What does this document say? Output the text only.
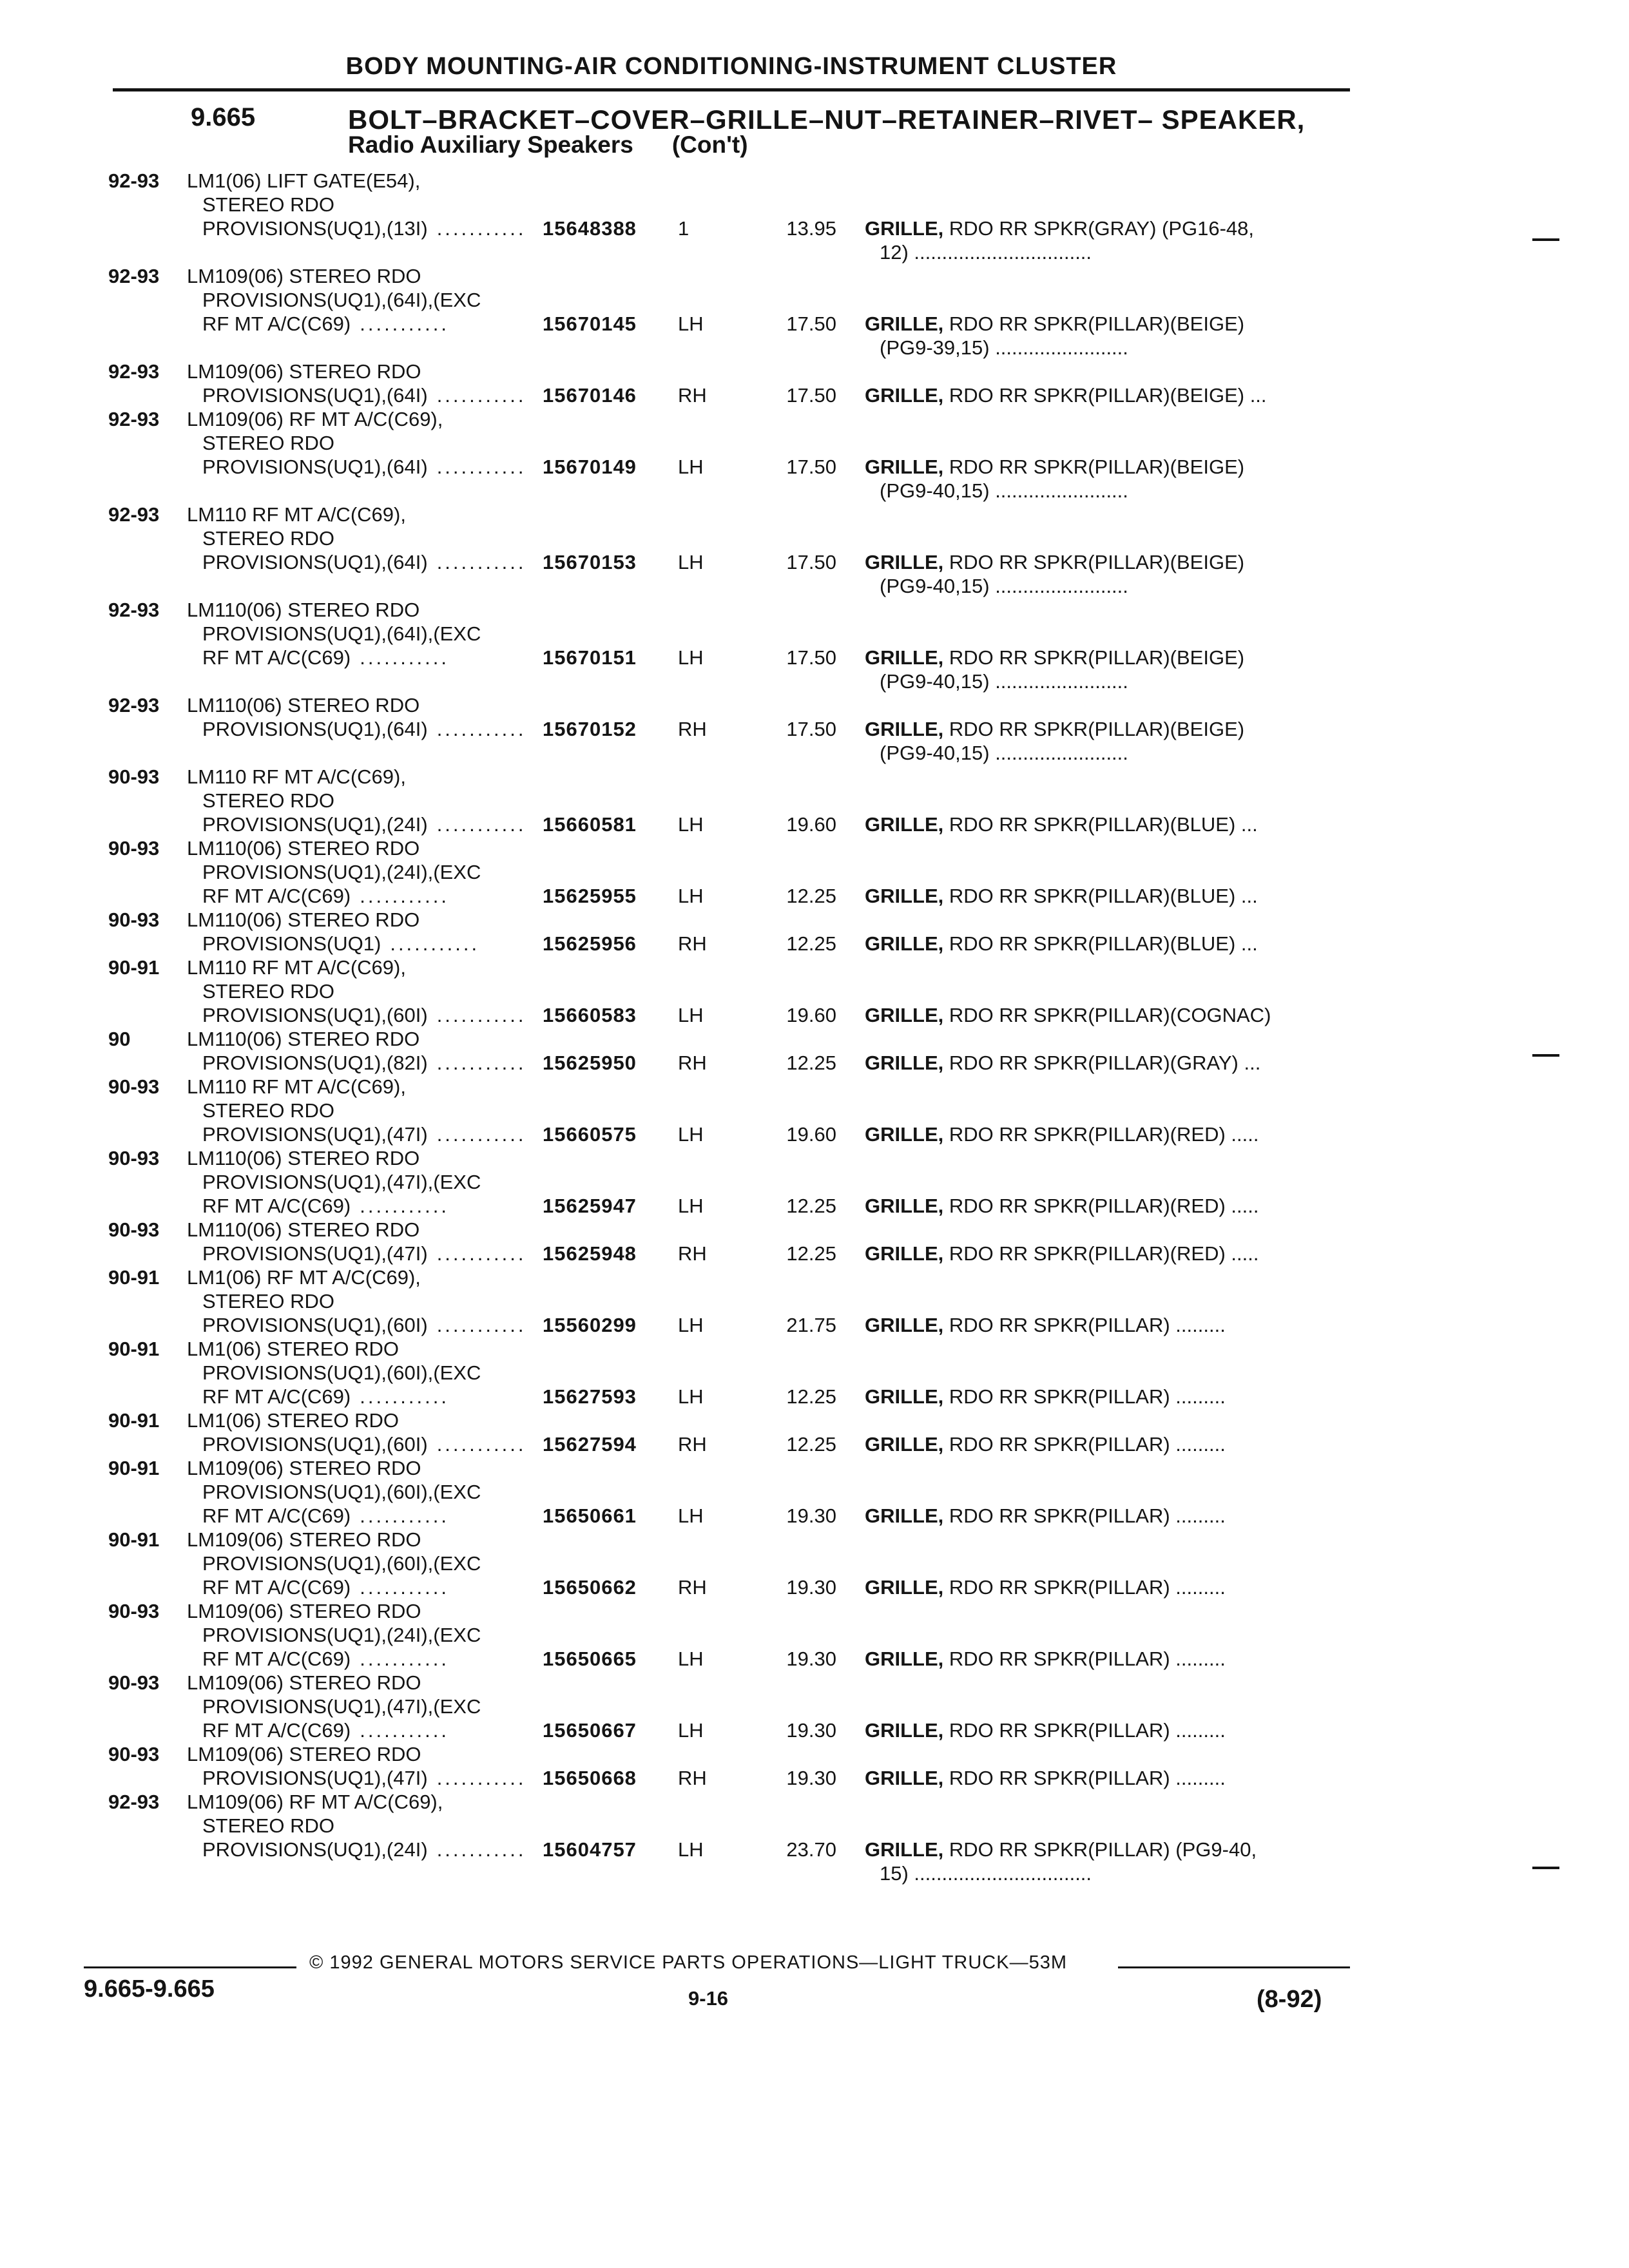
BODY MOUNTING-AIR CONDITIONING-INSTRUMENT CLUSTER
9.665	BOLT–BRACKET–COVER–GRILLE–NUT–RETAINER–RIVET– SPEAKER,
Radio Auxiliary Speakers (Con't)
92-93 LM1(06) LIFT GATE(E54),
STEREO RDO
PROVISIONS(UQ1),(13I) ........... 15648388 1	13.95 GRILLE, RDO RR SPKR(GRAY) (PG16-48,
12) ................................
92-93 LM109(06) STEREO RDO
PROVISIONS(UQ1),(64I),(EXC
RF MT A/C(C69) ...........	15670145 LH	17.50 GRILLE, RDO RR SPKR(PILLAR)(BEIGE)
(PG9-39,15) ........................
92-93 LM109(06) STEREO RDO
PROVISIONS(UQ1),(64I) ........... 15670146 RH	17.50 GRILLE, RDO RR SPKR(PILLAR)(BEIGE) ...
92-93 LM109(06) RF MT A/C(C69),
STEREO RDO
PROVISIONS(UQ1),(64I) ........... 15670149 LH	17.50 GRILLE, RDO RR SPKR(PILLAR)(BEIGE)
(PG9-40,15) ........................
92-93 LM110 RF MT A/C(C69),
STEREO RDO
PROVISIONS(UQ1),(64I) ........... 15670153 LH	17.50 GRILLE, RDO RR SPKR(PILLAR)(BEIGE)
(PG9-40,15) ........................
92-93 LM110(06) STEREO RDO
PROVISIONS(UQ1),(64I),(EXC
RF MT A/C(C69) ...........	15670151 LH	17.50 GRILLE, RDO RR SPKR(PILLAR)(BEIGE)
(PG9-40,15) ........................
92-93 LM110(06) STEREO RDO
PROVISIONS(UQ1),(64I) ........... 15670152 RH	17.50 GRILLE, RDO RR SPKR(PILLAR)(BEIGE)
(PG9-40,15) ........................
90-93 LM110 RF MT A/C(C69),
STEREO RDO
PROVISIONS(UQ1),(24I) ........... 15660581 LH	19.60 GRILLE, RDO RR SPKR(PILLAR)(BLUE) ...
90-93 LM110(06) STEREO RDO
PROVISIONS(UQ1),(24I),(EXC
RF MT A/C(C69) ...........	15625955 LH	12.25 GRILLE, RDO RR SPKR(PILLAR)(BLUE) ...
90-93 LM110(06) STEREO RDO
PROVISIONS(UQ1) ...........	15625956 RH	12.25 GRILLE, RDO RR SPKR(PILLAR)(BLUE) ...
90-91 LM110 RF MT A/C(C69),
STEREO RDO
PROVISIONS(UQ1),(60I) ........... 15660583 LH	19.60 GRILLE, RDO RR SPKR(PILLAR)(COGNAC)
90	LM110(06) STEREO RDO
PROVISIONS(UQ1),(82I) ........... 15625950 RH	12.25 GRILLE, RDO RR SPKR(PILLAR)(GRAY) ...
90-93 LM110 RF MT A/C(C69),
STEREO RDO
PROVISIONS(UQ1),(47I) ........... 15660575 LH	19.60 GRILLE, RDO RR SPKR(PILLAR)(RED) .....
90-93 LM110(06) STEREO RDO
PROVISIONS(UQ1),(47I),(EXC
RF MT A/C(C69) ...........	15625947 LH	12.25 GRILLE, RDO RR SPKR(PILLAR)(RED) .....
90-93 LM110(06) STEREO RDO
PROVISIONS(UQ1),(47I) ........... 15625948 RH	12.25 GRILLE, RDO RR SPKR(PILLAR)(RED) .....
90-91 LM1(06) RF MT A/C(C69),
STEREO RDO
PROVISIONS(UQ1),(60I) ........... 15560299 LH	21.75 GRILLE, RDO RR SPKR(PILLAR) .........
90-91 LM1(06) STEREO RDO
PROVISIONS(UQ1),(60I),(EXC
RF MT A/C(C69) ...........	15627593 LH	12.25 GRILLE, RDO RR SPKR(PILLAR) .........
90-91 LM1(06) STEREO RDO
PROVISIONS(UQ1),(60I) ........... 15627594 RH	12.25 GRILLE, RDO RR SPKR(PILLAR) .........
90-91 LM109(06) STEREO RDO
PROVISIONS(UQ1),(60I),(EXC
RF MT A/C(C69) ...........	15650661 LH	19.30 GRILLE, RDO RR SPKR(PILLAR) .........
90-91 LM109(06) STEREO RDO
PROVISIONS(UQ1),(60I),(EXC
RF MT A/C(C69) ...........	15650662 RH	19.30 GRILLE, RDO RR SPKR(PILLAR) .........
90-93 LM109(06) STEREO RDO
PROVISIONS(UQ1),(24I),(EXC
RF MT A/C(C69) ...........	15650665 LH	19.30 GRILLE, RDO RR SPKR(PILLAR) .........
90-93 LM109(06) STEREO RDO
PROVISIONS(UQ1),(47I),(EXC
RF MT A/C(C69) ...........	15650667 LH	19.30 GRILLE, RDO RR SPKR(PILLAR) .........
90-93 LM109(06) STEREO RDO
PROVISIONS(UQ1),(47I) ........... 15650668 RH	19.30 GRILLE, RDO RR SPKR(PILLAR) .........
92-93 LM109(06) RF MT A/C(C69),
STEREO RDO
PROVISIONS(UQ1),(24I) ........... 15604757 LH	23.70 GRILLE, RDO RR SPKR(PILLAR) (PG9-40,
15) ................................
© 1992 GENERAL MOTORS SERVICE PARTS OPERATIONS—LIGHT TRUCK—53M
9.665-9.665	9-16	(8-92)
